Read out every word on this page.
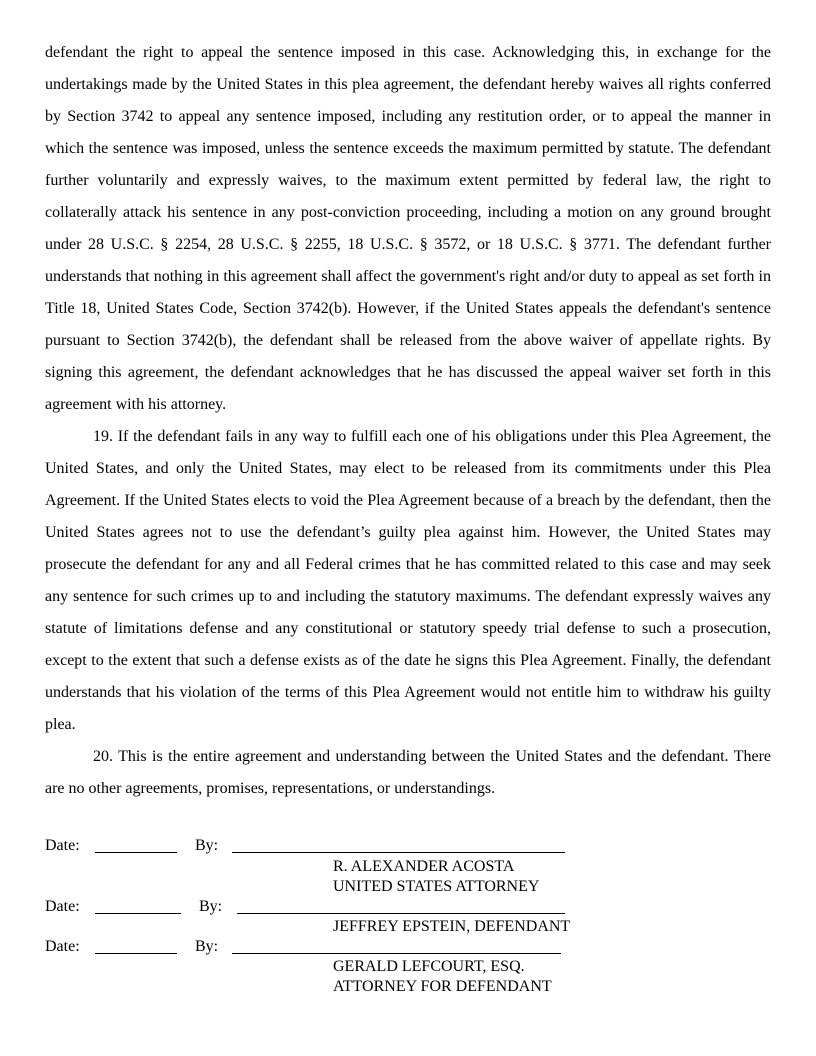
defendant the right to appeal the sentence imposed in this case. Acknowledging this, in exchange for the undertakings made by the United States in this plea agreement, the defendant hereby waives all rights conferred by Section 3742 to appeal any sentence imposed, including any restitution order, or to appeal the manner in which the sentence was imposed, unless the sentence exceeds the maximum permitted by statute. The defendant further voluntarily and expressly waives, to the maximum extent permitted by federal law, the right to collaterally attack his sentence in any post-conviction proceeding, including a motion on any ground brought under 28 U.S.C. § 2254, 28 U.S.C. § 2255, 18 U.S.C. § 3572, or 18 U.S.C. § 3771. The defendant further understands that nothing in this agreement shall affect the government's right and/or duty to appeal as set forth in Title 18, United States Code, Section 3742(b). However, if the United States appeals the defendant's sentence pursuant to Section 3742(b), the defendant shall be released from the above waiver of appellate rights. By signing this agreement, the defendant acknowledges that he has discussed the appeal waiver set forth in this agreement with his attorney.

19. If the defendant fails in any way to fulfill each one of his obligations under this Plea Agreement, the United States, and only the United States, may elect to be released from its commitments under this Plea Agreement. If the United States elects to void the Plea Agreement because of a breach by the defendant, then the United States agrees not to use the defendant’s guilty plea against him. However, the United States may prosecute the defendant for any and all Federal crimes that he has committed related to this case and may seek any sentence for such crimes up to and including the statutory maximums. The defendant expressly waives any statute of limitations defense and any constitutional or statutory speedy trial defense to such a prosecution, except to the extent that such a defense exists as of the date he signs this Plea Agreement. Finally, the defendant understands that his violation of the terms of this Plea Agreement would not entitle him to withdraw his guilty plea.

20. This is the entire agreement and understanding between the United States and the defendant. There are no other agreements, promises, representations, or understandings.

Date:	By:
R. ALEXANDER ACOSTA
UNITED STATES ATTORNEY
Date:	By:
JEFFREY EPSTEIN, DEFENDANT
Date:	By:
GERALD LEFCOURT, ESQ.
ATTORNEY FOR DEFENDANT
